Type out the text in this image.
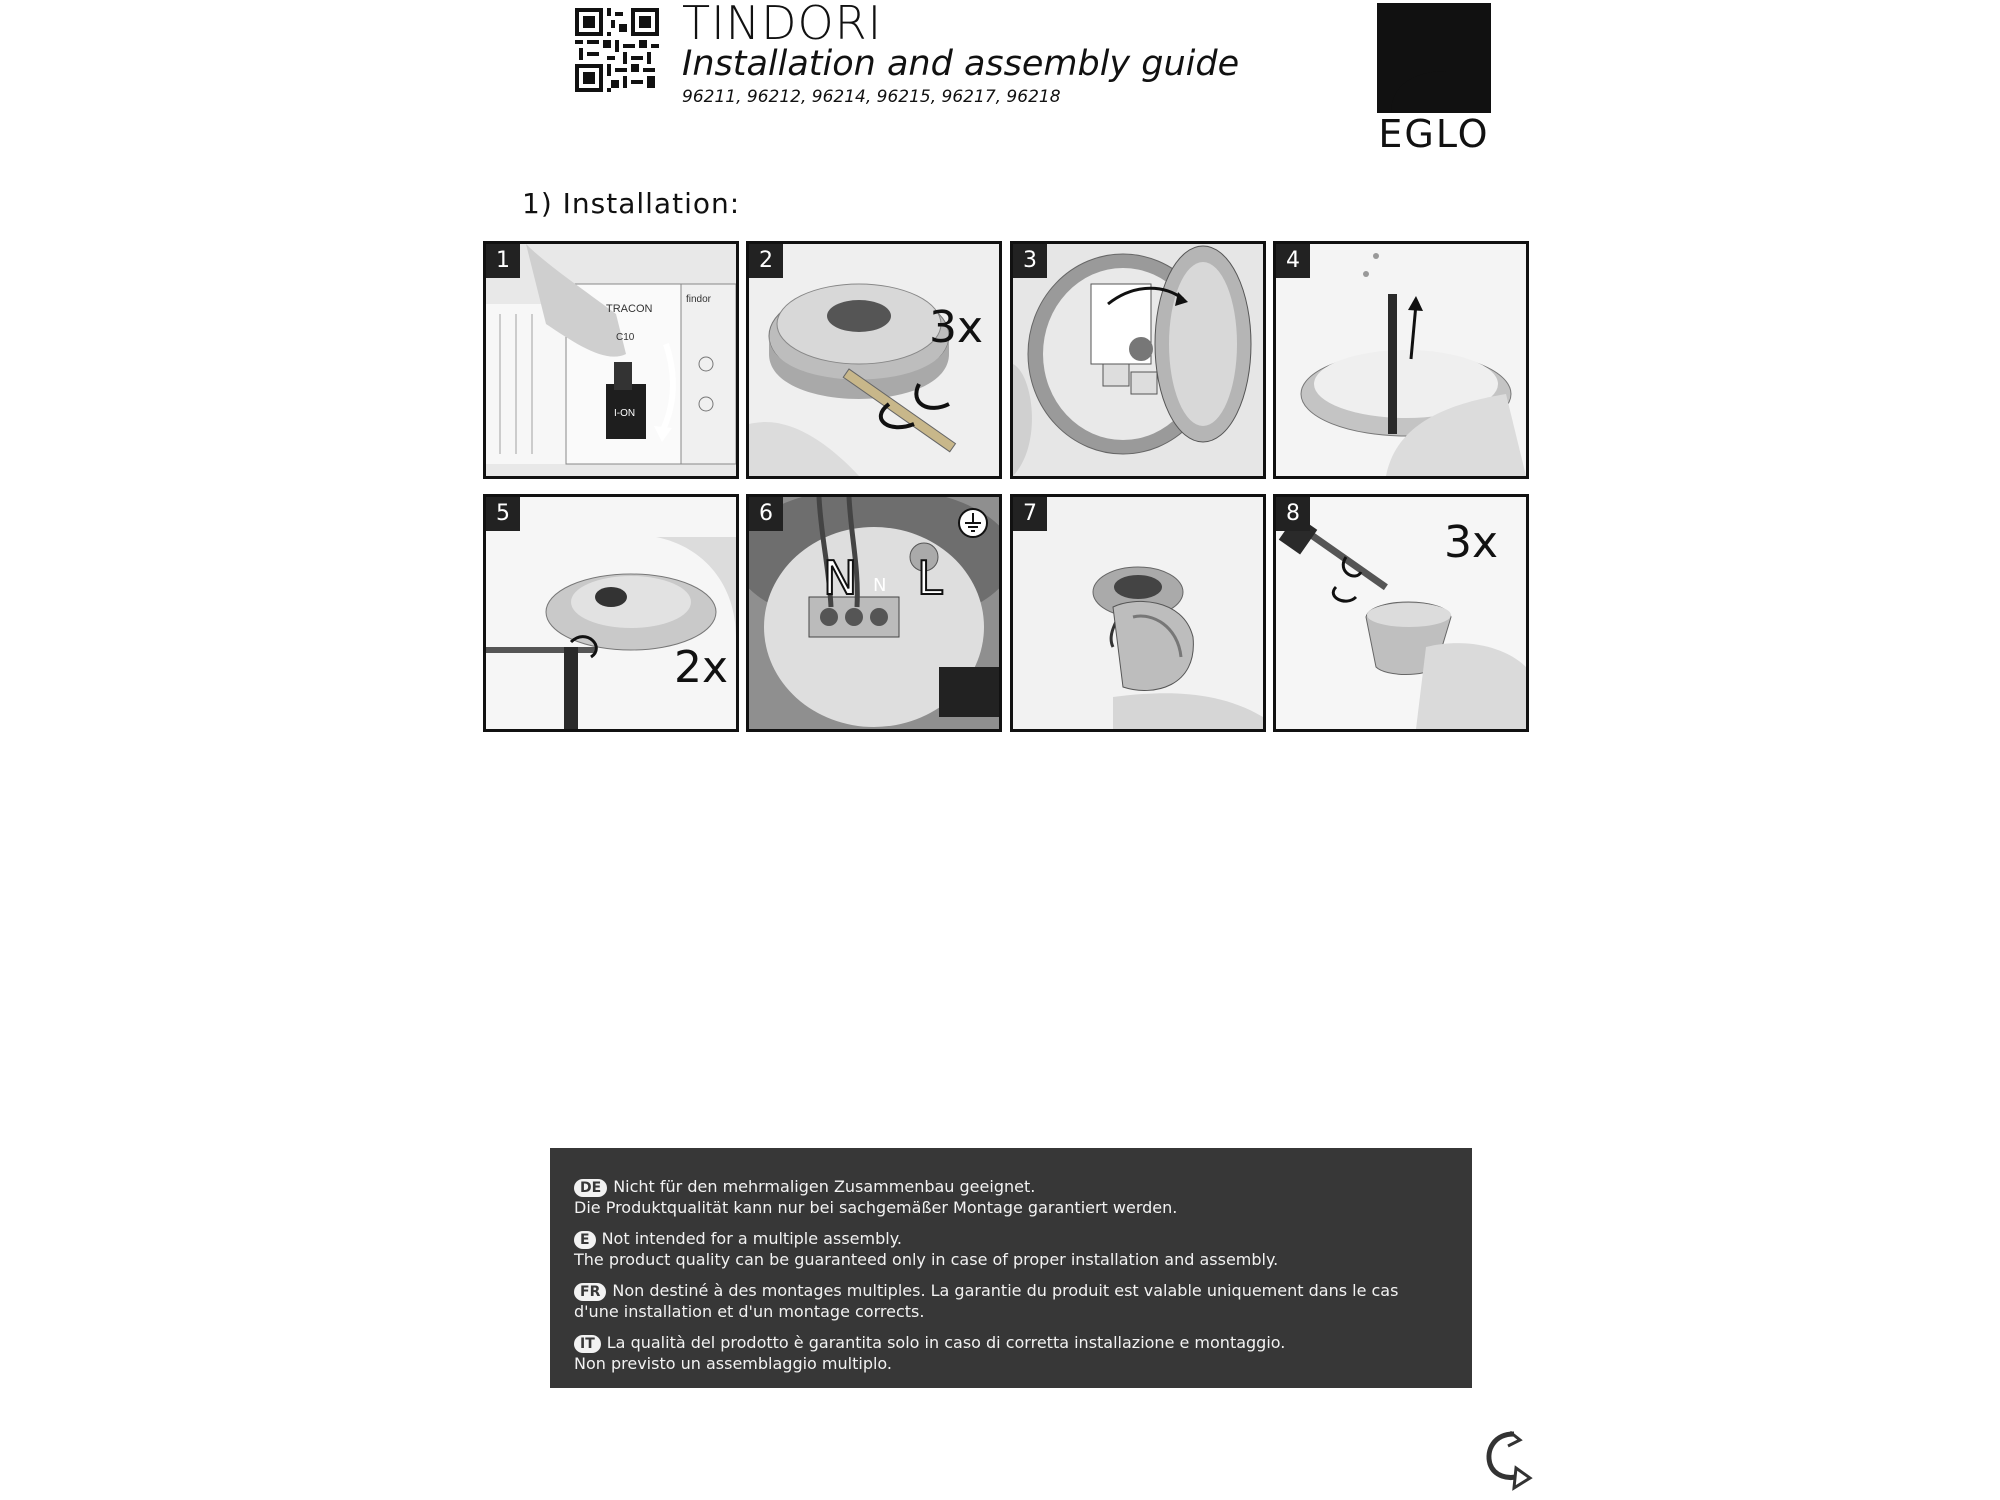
TINDORI
Installation and assembly guide
96211, 96212, 96214, 96215, 96217, 96218
EGLO
1) Installation:
TRACON
findor
C10
I-ON
1
3x
2	3	4
2x
5
N N L
6	7
3x
8
DE Nicht für den mehrmaligen Zusammenbau geeignet.
Die Produktqualität kann nur bei sachgemäßer Montage garantiert werden.
E Not intended for a multiple assembly.
The product quality can be guaranteed only in case of proper installation and assembly.
FR Non destiné à des montages multiples. La garantie du produit est valable uniquement dans le cas d'une installation et d'un montage corrects.
IT La qualità del prodotto è garantita solo in caso di corretta installazione e montaggio.
Non previsto un assemblaggio multiplo.
